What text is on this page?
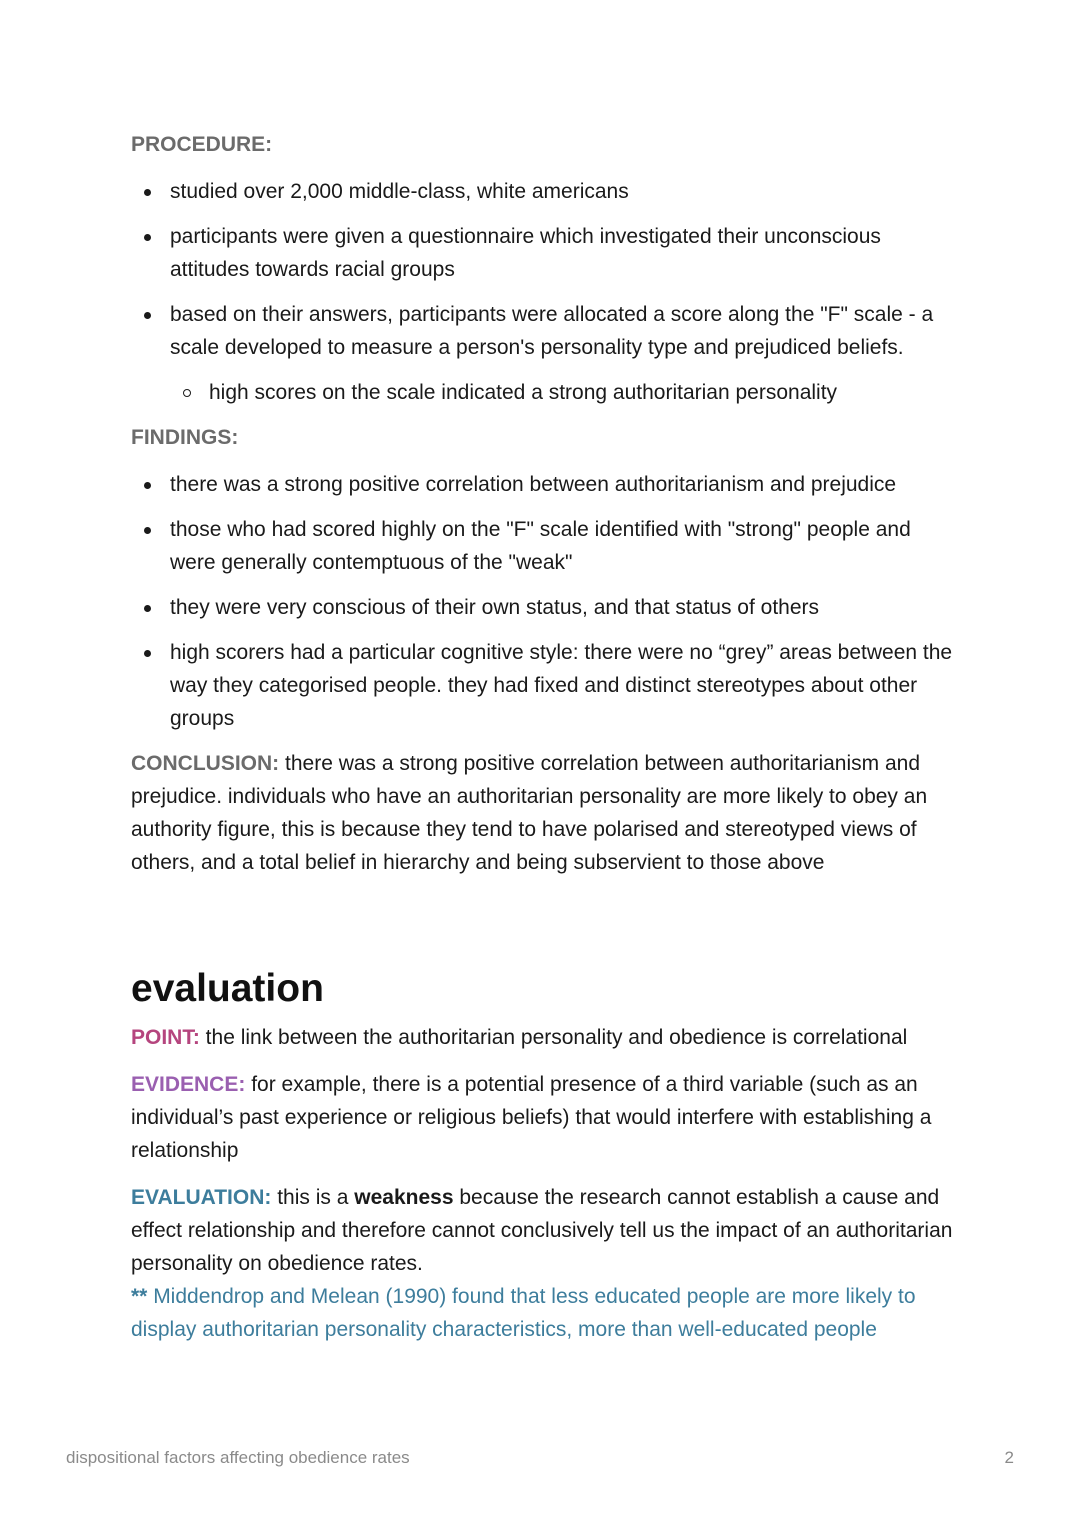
PROCEDURE:
studied over 2,000 middle-class, white americans
participants were given a questionnaire which investigated their unconscious attitudes towards racial groups
based on their answers, participants were allocated a score along the "F" scale - a scale developed to measure a person's personality type and prejudiced beliefs.
high scores on the scale indicated a strong authoritarian personality
FINDINGS:
there was a strong positive correlation between authoritarianism and prejudice
those who had scored highly on the "F" scale identified with "strong" people and were generally contemptuous of the "weak"
they were very conscious of their own status, and that status of others
high scorers had a particular cognitive style: there were no “grey” areas between the way they categorised people. they had fixed and distinct stereotypes about other groups

CONCLUSION: there was a strong positive correlation between authoritarianism and prejudice. individuals who have an authoritarian personality are more likely to obey an authority figure, this is because they tend to have polarised and stereotyped views of others, and a total belief in hierarchy and being subservient to those above

evaluation

POINT: the link between the authoritarian personality and obedience is correlational

EVIDENCE: for example, there is a potential presence of a third variable (such as an individual’s past experience or religious beliefs) that would interfere with establishing a relationship

EVALUATION: this is a weakness because the research cannot establish a cause and effect relationship and therefore cannot conclusively tell us the impact of an authoritarian personality on obedience rates.

** Middendrop and Melean (1990) found that less educated people are more likely to display authoritarian personality characteristics, more than well-educated people

dispositional factors affecting obedience rates	2
